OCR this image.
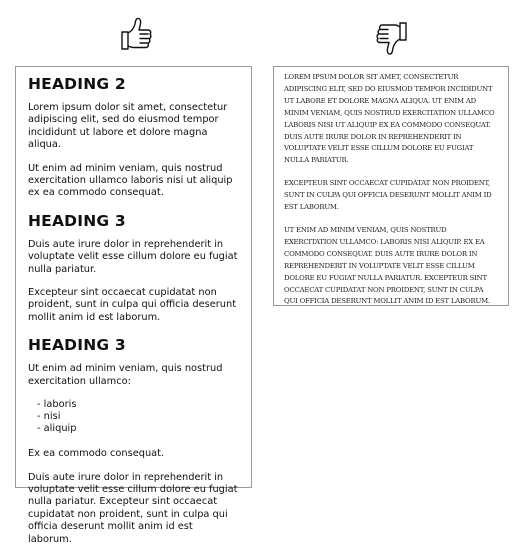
HEADING 2

Lorem ipsum dolor sit amet, consectetur adipiscing elit, sed do eiusmod tempor incididunt ut labore et dolore magna aliqua.

Ut enim ad minim veniam, quis nostrud exercitation ullamco laboris nisi ut aliquip ex ea commodo consequat.

HEADING 3

Duis aute irure dolor in reprehenderit in voluptate velit esse cillum dolore eu fugiat nulla pariatur.

Excepteur sint occaecat cupidatat non proident, sunt in culpa qui officia deserunt mollit anim id est laborum.

HEADING 3

Ut enim ad minim veniam, quis nostrud exercitation ullamco:

- laboris
- nisi
- aliquip

Ex ea commodo consequat.

Duis aute irure dolor in reprehenderit in voluptate velit esse cillum dolore eu fugiat nulla pariatur. Excepteur sint occaecat cupidatat non proident, sunt in culpa qui officia deserunt mollit anim id est laborum.

LOREM IPSUM DOLOR SIT AMET, CONSECTETUR ADIPISCING ELIT, SED DO EIUSMOD TEMPOR INCIDIDUNT UT LABORE ET DOLORE MAGNA ALIQUA. UT ENIM AD MINIM VENIAM, QUIS NOSTRUD EXERCITATION ULLAMCO LABORIS NISI UT ALIQUIP EX EA COMMODO CONSEQUAT. DUIS AUTE IRURE DOLOR IN REPREHENDERIT IN VOLUPTATE VELIT ESSE CILLUM DOLORE EU FUGIAT NULLA PARIATUR.

EXCEPTEUR SINT OCCAECAT CUPIDATAT NON PROIDENT, SUNT IN CULPA QUI OFFICIA DESERUNT MOLLIT ANIM ID EST LABORUM.

UT ENIM AD MINIM VENIAM, QUIS NOSTRUD EXERCITATION ULLAMCO: LABORIS NISI ALIQUIP. EX EA COMMODO CONSEQUAT. DUIS AUTE IRURE DOLOR IN REPREHENDERIT IN VOLUPTATE VELIT ESSE CILLUM DOLORE EU FUGIAT NULLA PARIATUR. EXCEPTEUR SINT OCCAECAT CUPIDATAT NON PROIDENT, SUNT IN CULPA QUI OFFICIA DESERUNT MOLLIT ANIM ID EST LABORUM.
